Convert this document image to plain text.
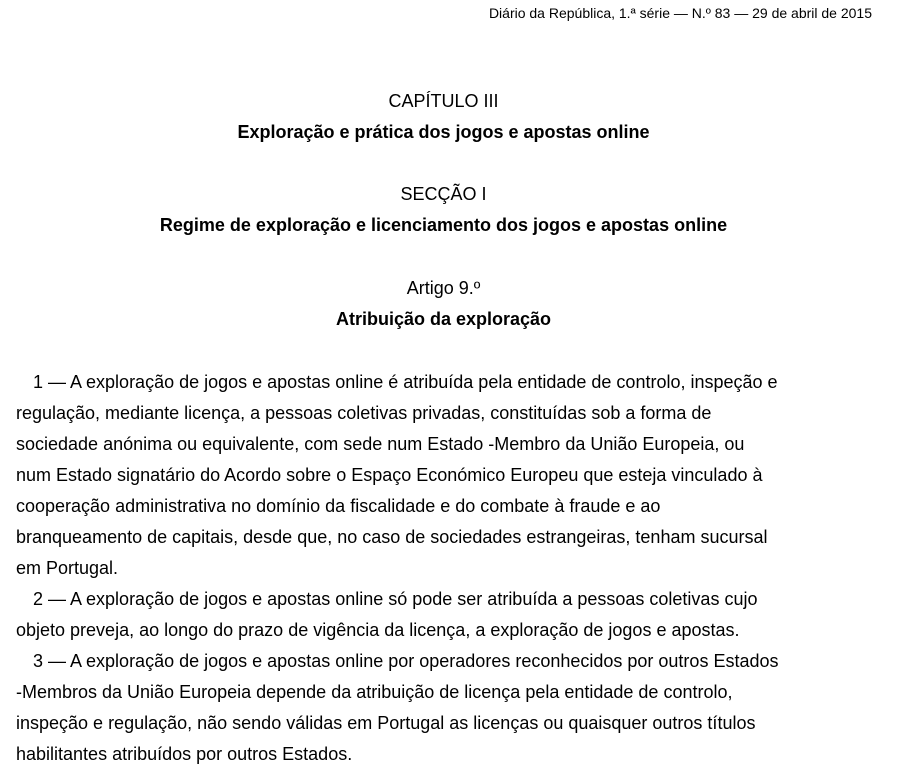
Diário da República, 1.ª série — N.º 83 — 29 de abril de 2015
CAPÍTULO III
Exploração e prática dos jogos e apostas online
SECÇÃO I
Regime de exploração e licenciamento dos jogos e apostas online
Artigo 9.º
Atribuição da exploração
1 — A exploração de jogos e apostas online é atribuída pela entidade de controlo, inspeção e
regulação, mediante licença, a pessoas coletivas privadas, constituídas sob a forma de
sociedade anónima ou equivalente, com sede num Estado -Membro da União Europeia, ou
num Estado signatário do Acordo sobre o Espaço Económico Europeu que esteja vinculado à
cooperação administrativa no domínio da fiscalidade e do combate à fraude e ao
branqueamento de capitais, desde que, no caso de sociedades estrangeiras, tenham sucursal
em Portugal.
2 — A exploração de jogos e apostas online só pode ser atribuída a pessoas coletivas cujo
objeto preveja, ao longo do prazo de vigência da licença, a exploração de jogos e apostas.
3 — A exploração de jogos e apostas online por operadores reconhecidos por outros Estados
-Membros da União Europeia depende da atribuição de licença pela entidade de controlo,
inspeção e regulação, não sendo válidas em Portugal as licenças ou quaisquer outros títulos
habilitantes atribuídos por outros Estados.
